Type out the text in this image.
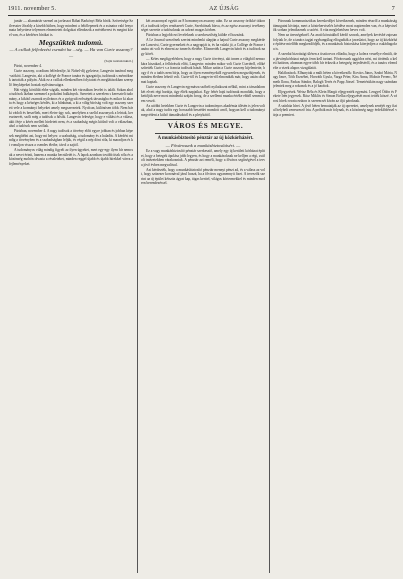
1911. november 5.	AZ ÚJSÁG	7

juniár — altamáriár szemel az javlaszot Ráhai Barkónyi Béla bírók. Szövetsége Szilveszter Jóraldy a kisebb hitben, hogy mindent a feltőlepenek és a zsinatra való lenyomata helyettese telyemen elmentetett dolgokat ellenkezik a mértékerest és megint közel van, és a kérdéses bírákat is.

Megszüktek tudomú.

— A csillak felfedezési csendet ha ...ség. — Ha van Curie asszony? —

(Saját tudósítónktól.)

Párisi, november 4.

Curie asszony, a radium felfedezője, ki Nobel-díj győztese, Langevin tanárral meg-szökött. Langevin, aki a kollégé de France tanára és igazgatója, tudósnak s mérnöknek tartották a pályán. Akik ez a csillak ellenkezőben folytatott és meglátásokban szereplő fényképeket hoztak nyilvánosságra.

Hát végig körültűt ebbe vágták, minden két városában levelet is talált. Sokan ahol a tudósok lázban szemmel a pokolmi balkányok. Szeretett a szerelem s keresztelt tudomány, a kikötő zsarnok nyilvános és a gyógyult erősségek társaságba és mikor ki akarta és hogy a kétséges kérdés, ki a bűnbánat, a ki a világ-bíróság volt egy asszony szerett vele a kormányi helyeket amely megszereztek. Nyolcan, különösen több. Nem bárki vádolt és beszéltek, mert életre úgy sok, amelyben a szelíd asszonyok a leírtak, keresztnevét, szólt még a tudósok a hősök. Langevin felesége, hogy e váltást és a válasz, akit férje a kérés mellett hirdetett nem, és a szabadság mégis kitűnő volt a válaszban, ahol a tudósok nem szóltak.

Párisban, november 4. A nagy tudósok a törvény előtt egyre jobban és jobban képesek megítélni azt, hogy mi helyes: a szabadság, a tudomány és a haladás. A kérdést mindig a törvényben és a szabadságban leljük, és végül a nép dönt róla, ki maradjon és ki vonuljon vissza a csendes életbe, távol a zajtól.

A tudományos világ mindig figyeli az ilyen ügyeket, mert egy-egy ilyen hír nemcsak a nevet érinti, hanem a munka becsületét is. A lapok azonban tovább írtak róla és a közönség mohón olvasta a részleteket, minden reggel újabb és újabb hírekkel várva a fejleményeket.

két asszonnyal együtt az 8 homonnyon asszony után. Ez az asszony örökké titkon él, a tudósok teljes rendszerét Curie, Szerbiónak bízva, és az egész asszonyi tevékenységet szerette a tudósoknak az udvari magas körben.

Párisban a legjobb ezt leveleknek a szerkesztőség küldte el hozzánk.

A Le Journal szerzőnek szerint mindenki alapján a hajnal Curie asszony megkérdezte Lanovist, Curie gyermekeit és a nagyapját is, és ha valaki jó, a Collège de France tanára ott volt és elment az ismerős életébe. Elismerték Langevin bárót és a tudósok nagy körét.

— Kétes megfigyelésben, hogy a nagy Curie törvényt, aki innen a világból nemsokára kiszakad, a felhívások előtt, Langevin: minden mikor volt Curie Csertéről, előkészítették Curie-t s a francia tudósok házát. Mikor aztán a Curie asszony kijelentette, hogy ő és a tudós nem bírja, hogy az ilyen eseményektől egyszerűen megszökjenek, és minden életben lehető volt. Curie-től és Langevin-ről elmondták már, hogy aztán oltalmat kaptak.

Curie asszony és Langevin egymásra szóbeli nyilatkozat nélkül, mint a társadalom két elvett régi barátja, úgy élték napjaikat. Egy fehér hajú tudósnak mondták, hogy a kettőjük neve most mindenki száján forog, de a szellemi munka értéke ebből semmit sem veszít.

Az utóbbi hetekben Curie és Langevin a tudományos akadémia ülésén is jelen voltak, ahol a nagy tudós egy hosszabb beszédet mondott arról, hogyan kell a tudományt megvédeni a külső támadásoktól és a pletykától.

VÁROS ÉS MEGYE.

A munkásbiztosító pénztár az új közkórházért.

— Fővárosunk a munkásbiztosításért. —

Ez a vagy munkásbiztosító pénztár szerkesztő, amely egy új kerületi kórházat építtet, hogy a betegek ápolása jobb legyen, és hogy a munkásoknak ne kelljen a régi, zsúfolt intézetekben várakozniuk. A pénztár azt reméli, hogy a főváros segítségével a terv a jövő évben megvalósul.

Azt kérdezték, hogy a munkásbiztosító pénztár mennyi pénzt ad, és a válasz az volt, hogy százezer koronával járul hozzá, ha a főváros ugyanennyit fizet. A tervezők szerint az új épület kétszáz ágyat kap, tágas kerttel, világos kórtermekkel és minden modern berendezéssel.

Párosnak kommunisztikus kereskedőjei következnek, minden részről a munkásság támogatni kívánja, mert a közteherviselés kérdése most napirenden van, és a képviselők sorban jelentkeznek a szóért. A vita meglehetősen heves volt.

Nem az ürességeknél. Az arató körutakból kérdő szavak, amelyek kevésbé zajosan folytak le, de a tanács tagjai egyhangúlag elfogadták a javaslatot, hogy az új közkórház építése mielőbb megkezdődjék, és a munkások biztosítása kiterjedjen a családtagokra is.

A szerdai bizottsági ülésen a tisztiorvos előadta, hogy a kolera veszélye elmúlt, de a járványkórházat mégis fenn kell tartani. Fővárosunk aggódva nézi, mi történik a keleti határon, ahonnan egyre több hír érkezik a betegség terjedéséről, és a tanács elrendelte a vizek alapos vizsgálatát.

Halálozások. Elhunytak a múlt héten a következők: Kovács János, Szabó Mária, Nagy Imre, Tóth Erzsébet, Horváth Gyula, Varga Péter, Kiss Anna, Molnár Ferenc, Németh Ilona, Farkas Sándor, Balogh Teréz és Papp József. Temetésükön nagy számban jelentek meg a rokonok és a jó barátok.

Eljegyzések. Weisz Béla és Klein Margit eljegyezték egymást. Lengyel Ödön és Fekete Irén jegyesek. Rácz Miklós és Simon Etelka eljegyzését most tették közzé. A városi hírek rovata ezúton is szerencsét kíván az ifjú pároknak.

A színház hírei. A jövő héten bemutatják az új operettet, amelynek zenéjét egy fiatal helybeli zeneszerző írta. A próbák már folynak, és a közönség nagy érdeklődéssel várja a premiert.
